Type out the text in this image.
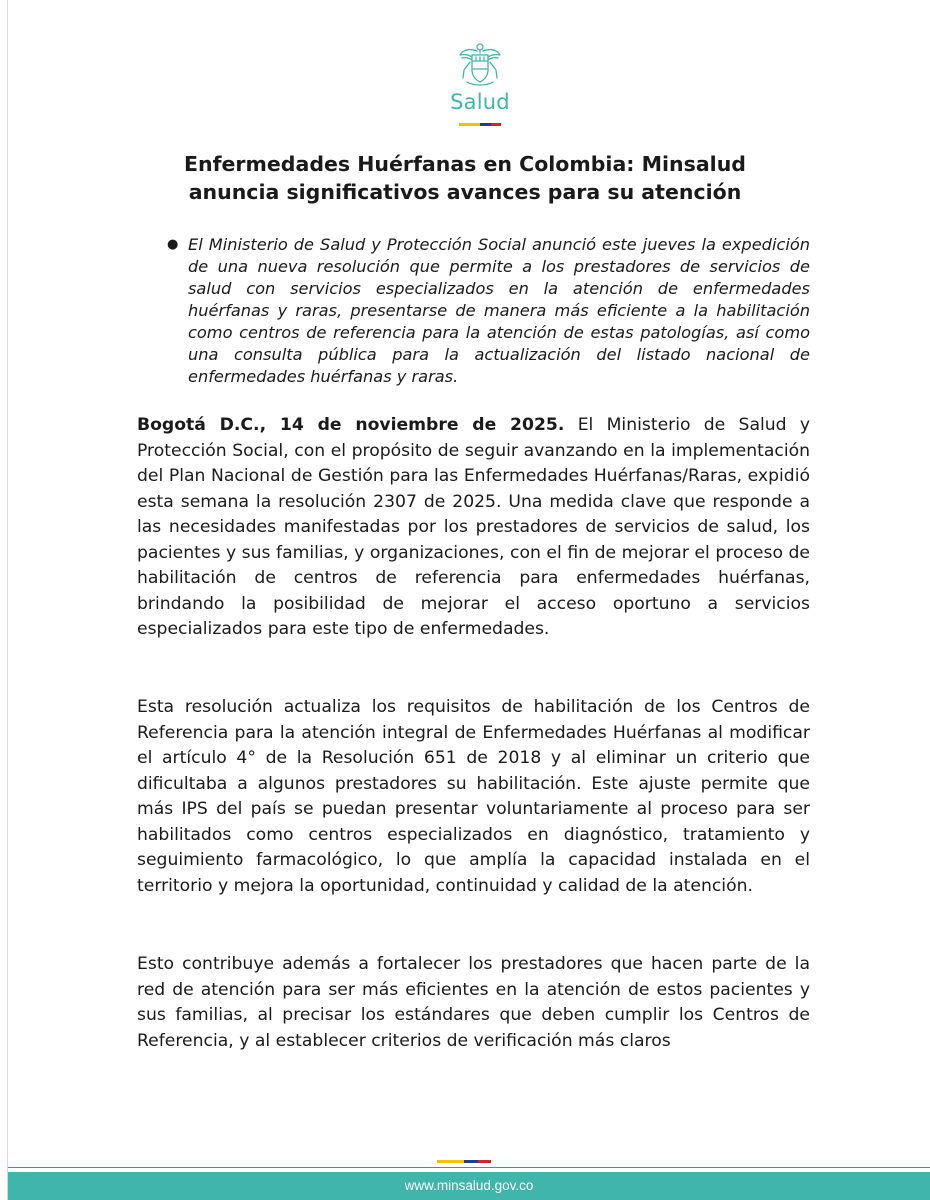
Salud
Enfermedades Huérfanas en Colombia: Minsalud
anuncia significativos avances para su atención
● El Ministerio de Salud y Protección Social anunció este jueves la expedición de una nueva resolución que permite a los prestadores de servicios de salud con servicios especializados en la atención de enfermedades huérfanas y raras, presentarse de manera más eficiente a la habilitación como centros de referencia para la atención de estas patologías, así como una consulta pública para la actualización del listado nacional de enfermedades huérfanas y raras.

Bogotá D.C., 14 de noviembre de 2025. El Ministerio de Salud y Protección Social, con el propósito de seguir avanzando en la implementación del Plan Nacional de Gestión para las Enfermedades Huérfanas/Raras, expidió esta semana la resolución 2307 de 2025. Una medida clave que responde a las necesidades manifestadas por los prestadores de servicios de salud, los pacientes y sus familias, y organizaciones, con el fin de mejorar el proceso de habilitación de centros de referencia para enfermedades huérfanas, brindando la posibilidad de mejorar el acceso oportuno a servicios especializados para este tipo de enfermedades.

Esta resolución actualiza los requisitos de habilitación de los Centros de Referencia para la atención integral de Enfermedades Huérfanas al modificar el artículo 4° de la Resolución 651 de 2018 y al eliminar un criterio que dificultaba a algunos prestadores su habilitación. Este ajuste permite que más IPS del país se puedan presentar voluntariamente al proceso para ser habilitados como centros especializados en diagnóstico, tratamiento y seguimiento farmacológico, lo que amplía la capacidad instalada en el territorio y mejora la oportunidad, continuidad y calidad de la atención.

Esto contribuye además a fortalecer los prestadores que hacen parte de la red de atención para ser más eficientes en la atención de estos pacientes y sus familias, al precisar los estándares que deben cumplir los Centros de Referencia, y al establecer criterios de verificación más claros

www.minsalud.gov.co
